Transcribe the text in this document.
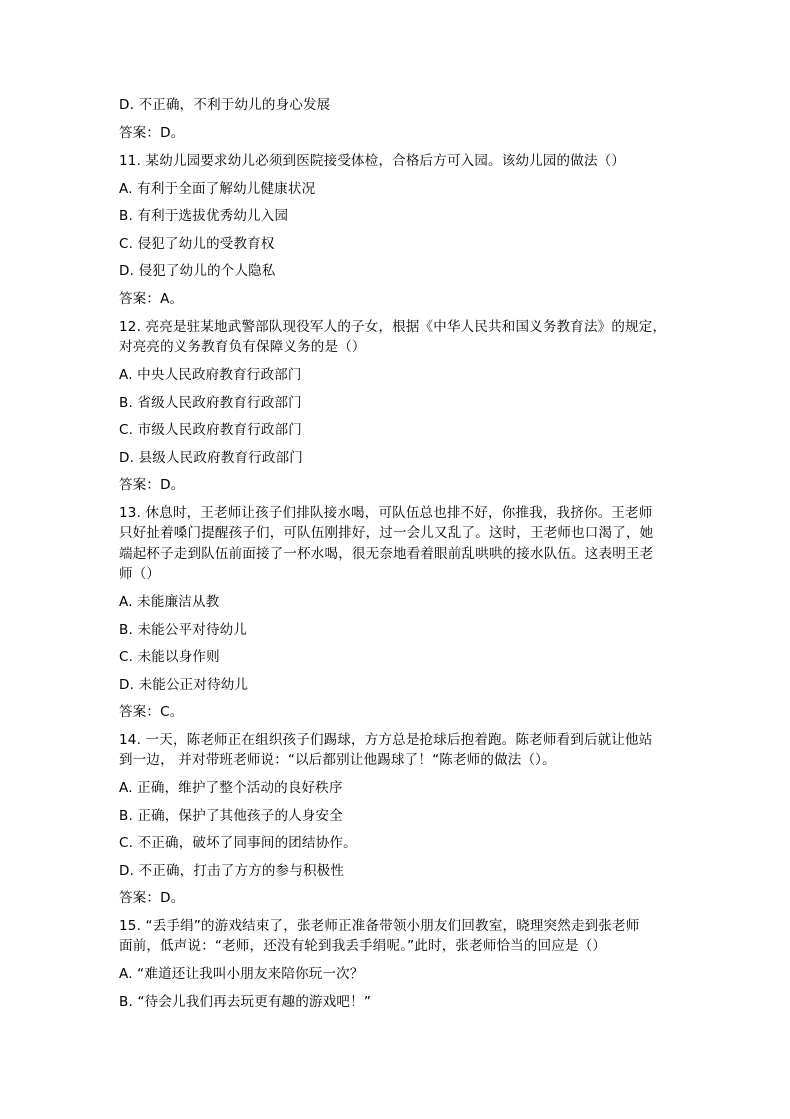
D. 不正确，不利于幼儿的身心发展
答案：D。
11. 某幼儿园要求幼儿必须到医院接受体检，合格后方可入园。该幼儿园的做法（）
A. 有利于全面了解幼儿健康状况
B. 有利于选拔优秀幼儿入园
C. 侵犯了幼儿的受教育权
D. 侵犯了幼儿的个人隐私
答案：A。
12. 亮亮是驻某地武警部队现役军人的子女，根据《中华人民共和国义务教育法》的规定，
对亮亮的义务教育负有保障义务的是（）
A. 中央人民政府教育行政部门
B. 省级人民政府教育行政部门
C. 市级人民政府教育行政部门
D. 县级人民政府教育行政部门
答案：D。
13. 休息时，王老师让孩子们排队接水喝，可队伍总也排不好，你推我，我挤你。王老师
只好扯着嗓门提醒孩子们，可队伍刚排好，过一会儿又乱了。这时，王老师也口渴了，她
端起杯子走到队伍前面接了一杯水喝，很无奈地看着眼前乱哄哄的接水队伍。这表明王老
师（）
A. 未能廉洁从教
B. 未能公平对待幼儿
C. 未能以身作则
D. 未能公正对待幼儿
答案：C。
14. 一天，陈老师正在组织孩子们踢球，方方总是抢球后抱着跑。陈老师看到后就让他站
到一边， 并对带班老师说：“以后都别让他踢球了！“陈老师的做法（）。
A. 正确，维护了整个活动的良好秩序
B. 正确，保护了其他孩子的人身安全
C. 不正确，破坏了同事间的团结协作。
D. 不正确，打击了方方的参与积极性
答案：D。
15. “丢手绢”的游戏结束了，张老师正准备带领小朋友们回教室，晓理突然走到张老师
面前，低声说：“老师，还没有轮到我丢手绢呢。”此时，张老师恰当的回应是（）
A. “难道还让我叫小朋友来陪你玩一次？
B. “待会儿我们再去玩更有趣的游戏吧！”
